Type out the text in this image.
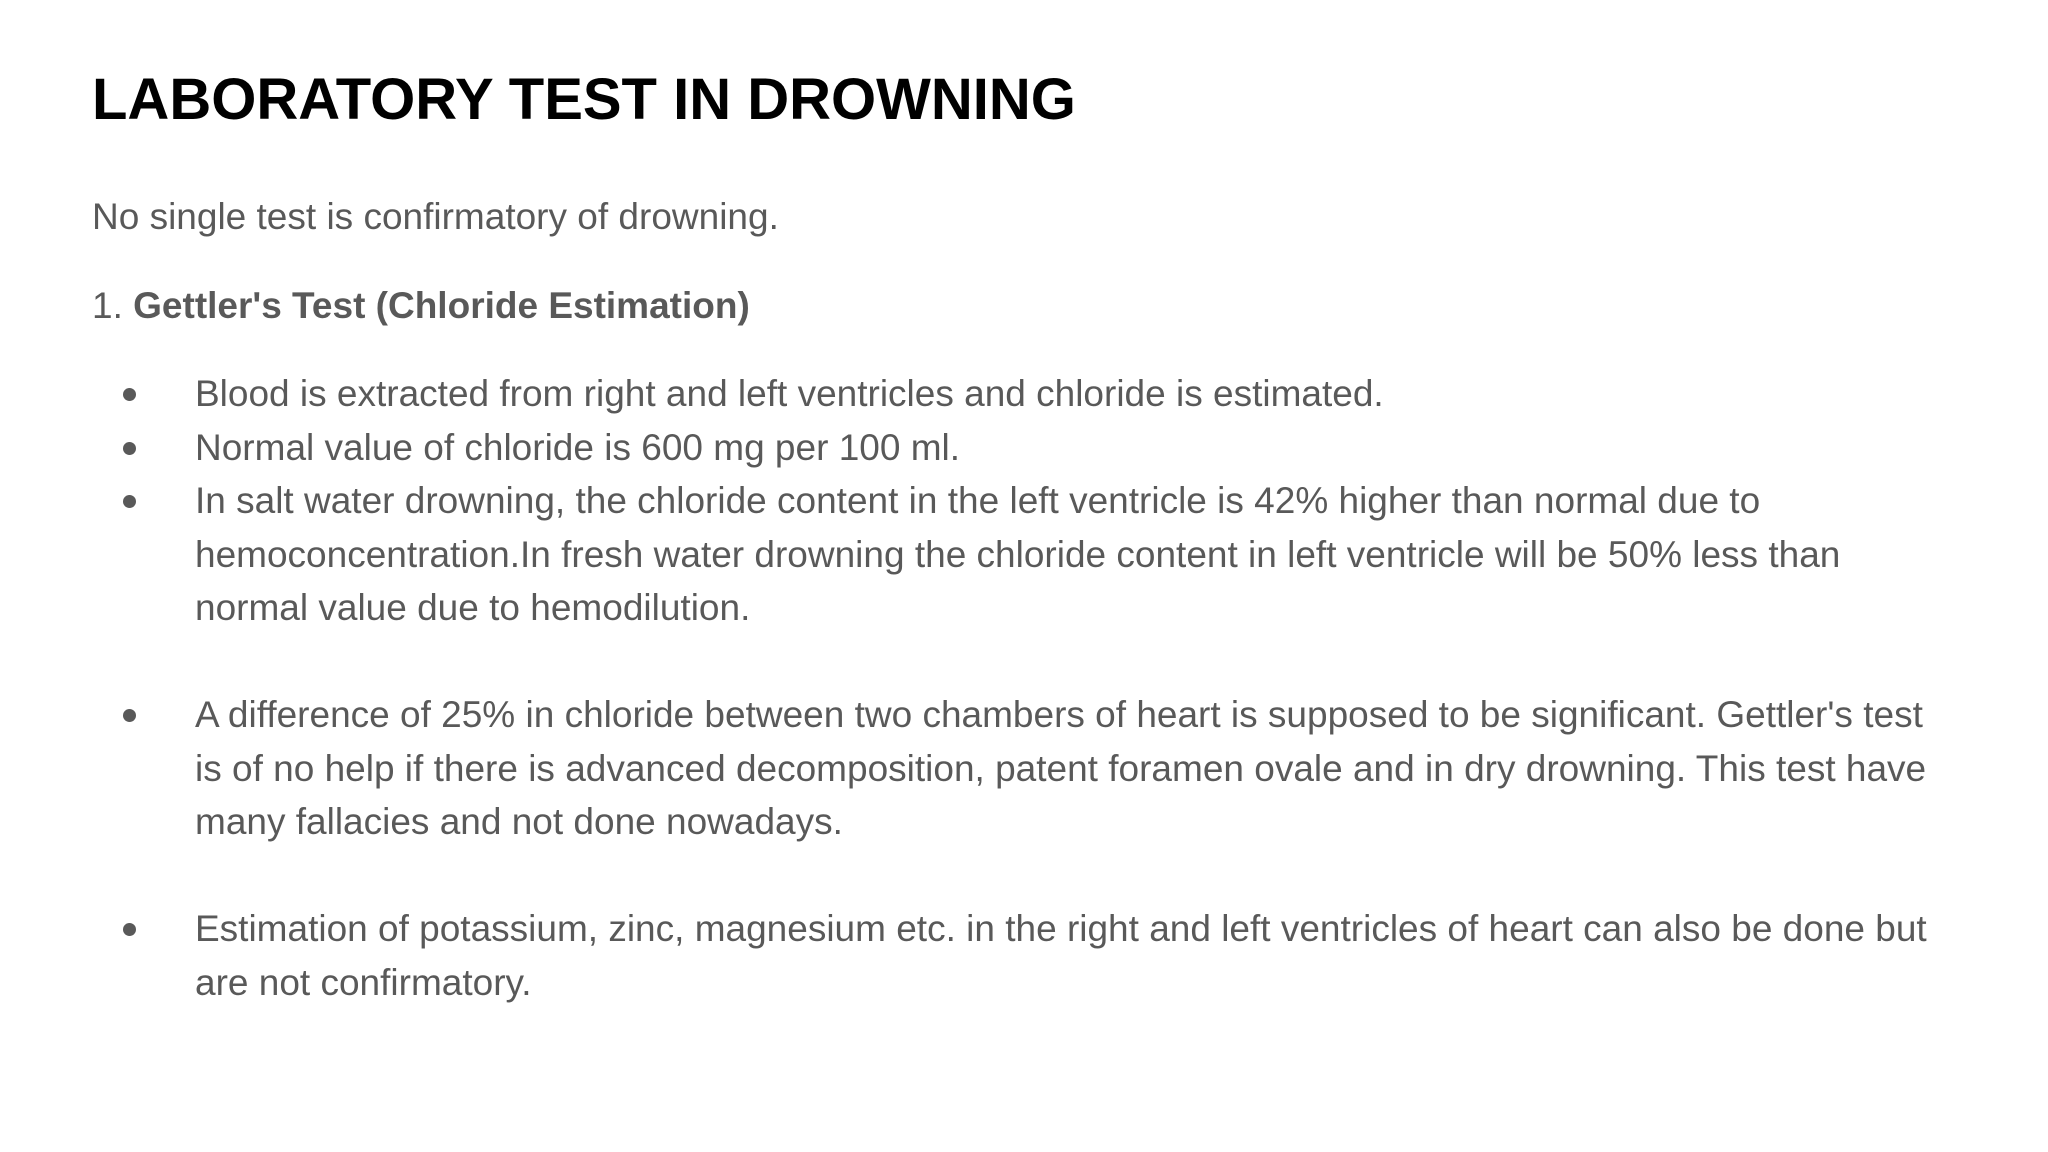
LABORATORY TEST IN DROWNING

No single test is confirmatory of drowning.

1. Gettler's Test (Chloride Estimation)

Blood is extracted from right and left ventricles and chloride is estimated.
Normal value of chloride is 600 mg per 100 ml.
In salt water drowning, the chloride content in the left ventricle is 42% higher than normal due to hemoconcentration.In fresh water drowning the chloride content in left ventricle will be 50% less than normal value due to hemodilution.
A difference of 25% in chloride between two chambers of heart is supposed to be significant. Gettler's test is of no help if there is advanced decomposition, patent foramen ovale and in dry drowning. This test have many fallacies and not done nowadays.
Estimation of potassium, zinc, magnesium etc. in the right and left ventricles of heart can also be done but are not confirmatory.
